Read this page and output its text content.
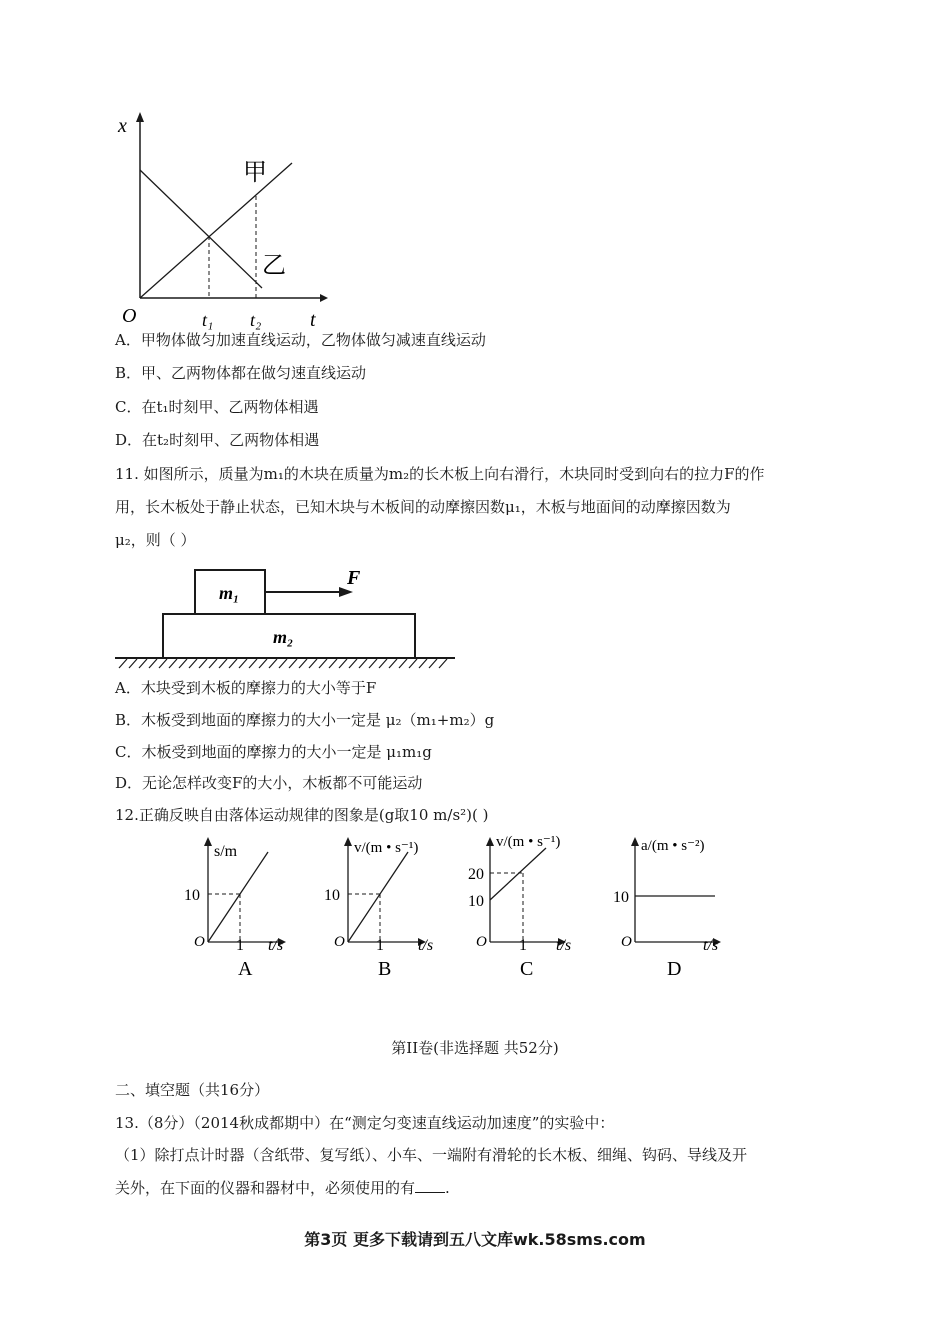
x
O	t
t₁ t₂
甲
乙
A．甲物体做匀加速直线运动，乙物体做匀减速直线运动
B．甲、乙两物体都在做匀速直线运动
C．在t₁时刻甲、乙两物体相遇
D．在t₂时刻甲、乙两物体相遇
11. 如图所示，质量为m₁的木块在质量为m₂的长木板上向右滑行，木块同时受到向右的拉力F的作
用，长木板处于静止状态，已知木块与木板间的动摩擦因数μ₁，木板与地面间的动摩擦因数为
μ₂，则（ ）
F
m₁
m₂
A．木块受到木板的摩擦力的大小等于F
B．木板受到地面的摩擦力的大小一定是 μ₂（m₁+m₂）g
C．木板受到地面的摩擦力的大小一定是 μ₁m₁g
D．无论怎样改变F的大小，木板都不可能运动
12.正确反映自由落体运动规律的图象是(g取10 m/s²)( )
s/m
10
O 1 t/s
A
v/(m • s⁻¹)
10
O 1 t/s
B
v/(m • s⁻¹)
20
10
O 1 t/s
C
a/(m • s⁻²)
10
O	t/s
D
第II卷(非选择题 共52分)
二、填空题（共16分）
13.（8分）（2014秋成都期中）在“测定匀变速直线运动加速度”的实验中：
（1）除打点计时器（含纸带、复写纸）、小车、一端附有滑轮的长木板、细绳、钩码、导线及开
关外，在下面的仪器和器材中，必须使用的有 .
第3页 更多下载请到五八文库wk.58sms.com
